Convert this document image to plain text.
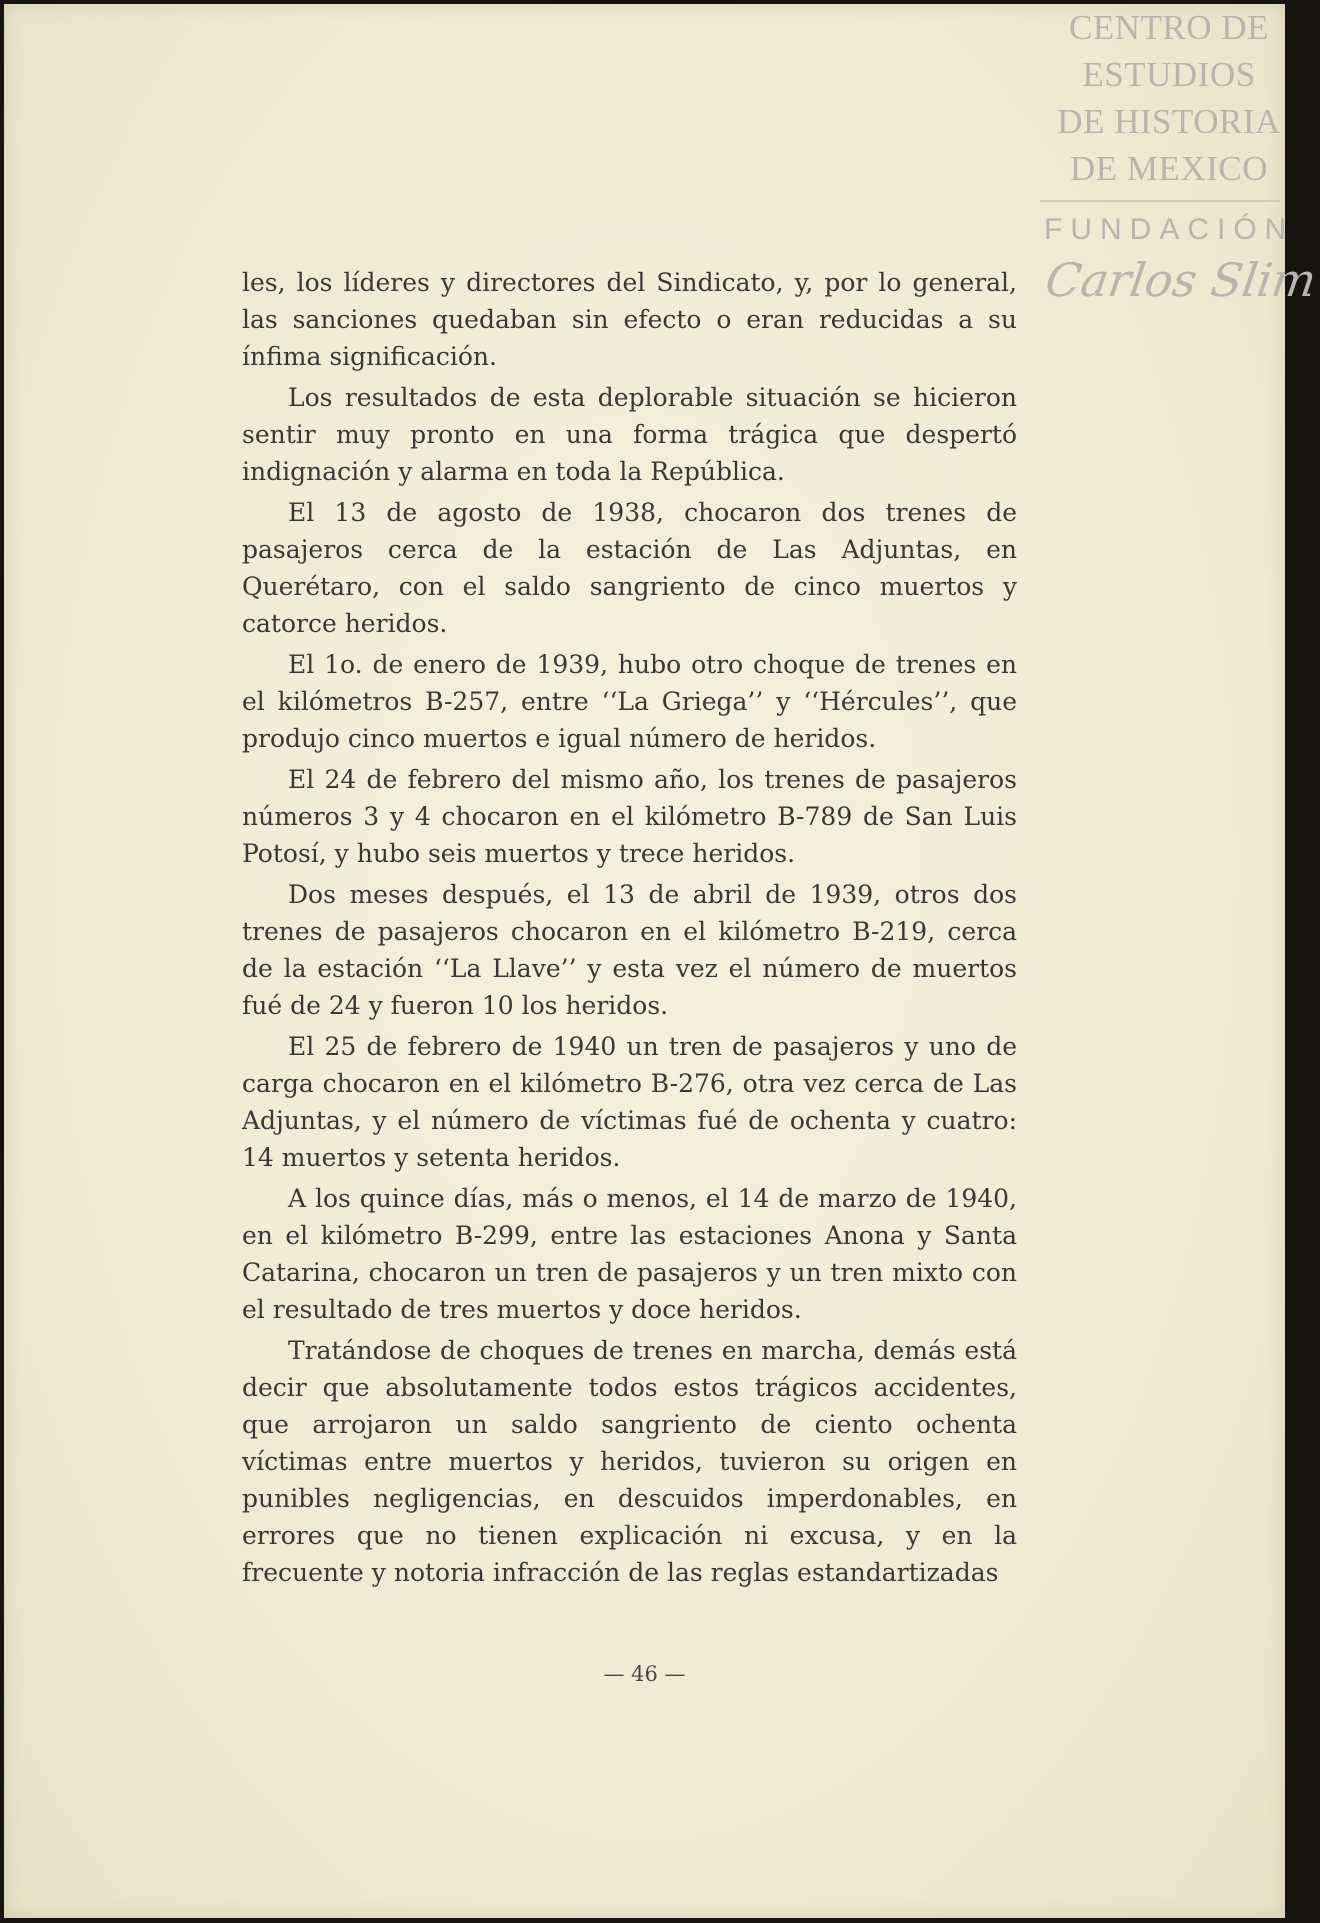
CENTRO DE
ESTUDIOS
DE HISTORIA
DE MEXICO
FUNDACIÓN
Carlos Slim

les, los líderes y directores del Sindicato, y, por lo general, las sanciones quedaban sin efecto o eran reducidas a su ínfima significación.

Los resultados de esta deplorable situación se hicieron sentir muy pronto en una forma trágica que despertó indignación y alarma en toda la República.

El 13 de agosto de 1938, chocaron dos trenes de pasajeros cerca de la estación de Las Adjuntas, en Querétaro, con el saldo sangriento de cinco muertos y catorce heridos.

El 1o. de enero de 1939, hubo otro choque de trenes en el kilómetros B-257, entre ‘‘La Griega’’ y ‘‘Hércules’’, que produjo cinco muertos e igual número de heridos.

El 24 de febrero del mismo año, los trenes de pasajeros números 3 y 4 chocaron en el kilómetro B-789 de San Luis Potosí, y hubo seis muertos y trece heridos.

Dos meses después, el 13 de abril de 1939, otros dos trenes de pasajeros chocaron en el kilómetro B-219, cerca de la estación ‘‘La Llave’’ y esta vez el número de muertos fué de 24 y fueron 10 los heridos.

El 25 de febrero de 1940 un tren de pasajeros y uno de carga chocaron en el kilómetro B-276, otra vez cerca de Las Adjuntas, y el número de víctimas fué de ochenta y cuatro: 14 muertos y setenta heridos.

A los quince días, más o menos, el 14 de marzo de 1940, en el kilómetro B-299, entre las estaciones Anona y Santa Catarina, chocaron un tren de pasajeros y un tren mixto con el resultado de tres muertos y doce heridos.

Tratándose de choques de trenes en marcha, demás está decir que absolutamente todos estos trágicos accidentes, que arrojaron un saldo sangriento de ciento ochenta víctimas entre muertos y heridos, tuvieron su origen en punibles negligencias, en descuidos imperdonables, en errores que no tienen explicación ni excusa, y en la frecuente y notoria infracción de las reglas estandartizadas

— 46 —
